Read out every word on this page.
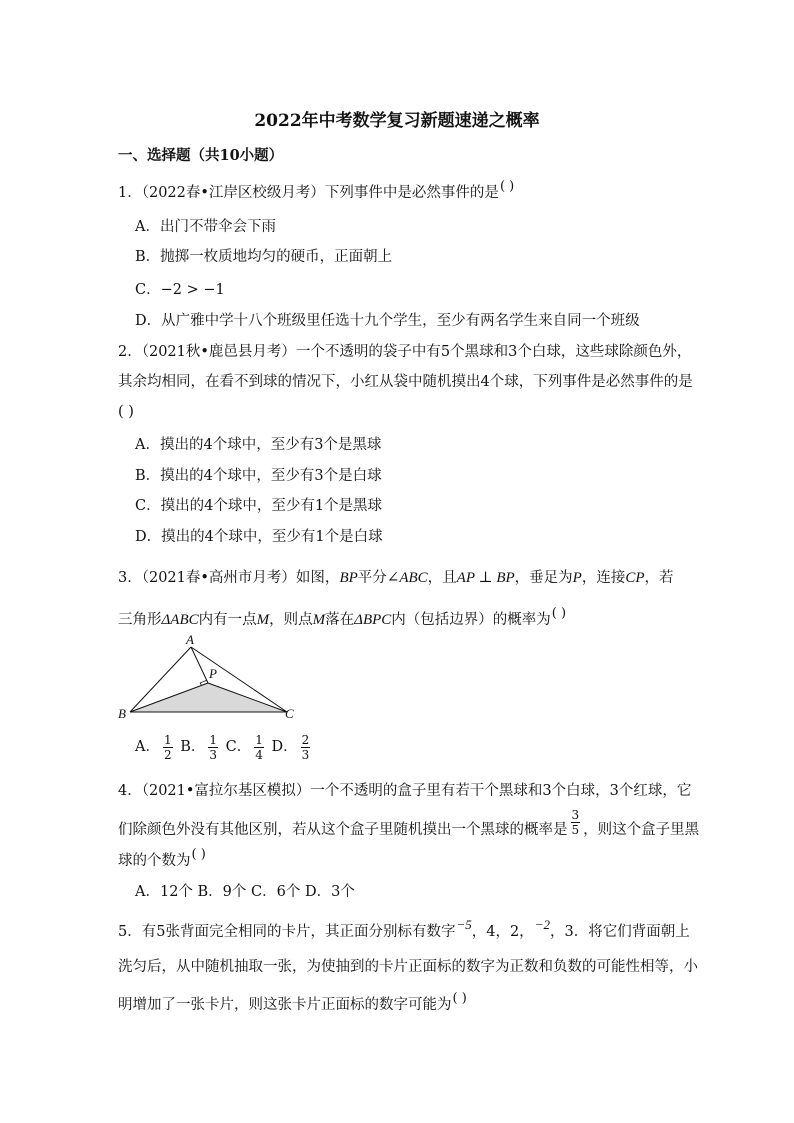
2022年中考数学复习新题速递之概率
一、选择题（共10小题）
1．（2022春•江岸区校级月考）下列事件中是必然事件的是( )
A．出门不带伞会下雨
B．抛掷一枚质地均匀的硬币，正面朝上
C．−2 > −1
D．从广雅中学十八个班级里任选十九个学生，至少有两名学生来自同一个班级
2．（2021秋•鹿邑县月考）一个不透明的袋子中有5个黑球和3个白球，这些球除颜色外，
其余均相同，在看不到球的情况下，小红从袋中随机摸出4个球，下列事件是必然事件的是
( )
A．摸出的4个球中，至少有3个是黑球
B．摸出的4个球中，至少有3个是白球
C．摸出的4个球中，至少有1个是黑球
D．摸出的4个球中，至少有1个是白球
3．（2021春•高州市月考）如图，BP平分∠ABC，且AP ⊥ BP，垂足为P，连接CP，若
三角形ΔABC内有一点M，则点M落在ΔBPC内（包括边界）的概率为( )
A
B	C
P
A． $\frac{1}{2}$ B． $\frac{1}{3}$ C． $\frac{1}{4}$ D． $\frac{2}{3}$
4．（2021•富拉尔基区模拟）一个不透明的盒子里有若干个黑球和3个白球，3个红球，它
们除颜色外没有其他区别，若从这个盒子里随机摸出一个黑球的概率是 $\frac{3}{5}$ ，则这个盒子里黑
球的个数为( )
A．12个 B．9个 C．6个 D．3个
5．有5张背面完全相同的卡片，其正面分别标有数字−5，4，2，−2，3．将它们背面朝上
洗匀后，从中随机抽取一张，为使抽到的卡片正面标的数字为正数和负数的可能性相等，小
明增加了一张卡片，则这张卡片正面标的数字可能为( )
